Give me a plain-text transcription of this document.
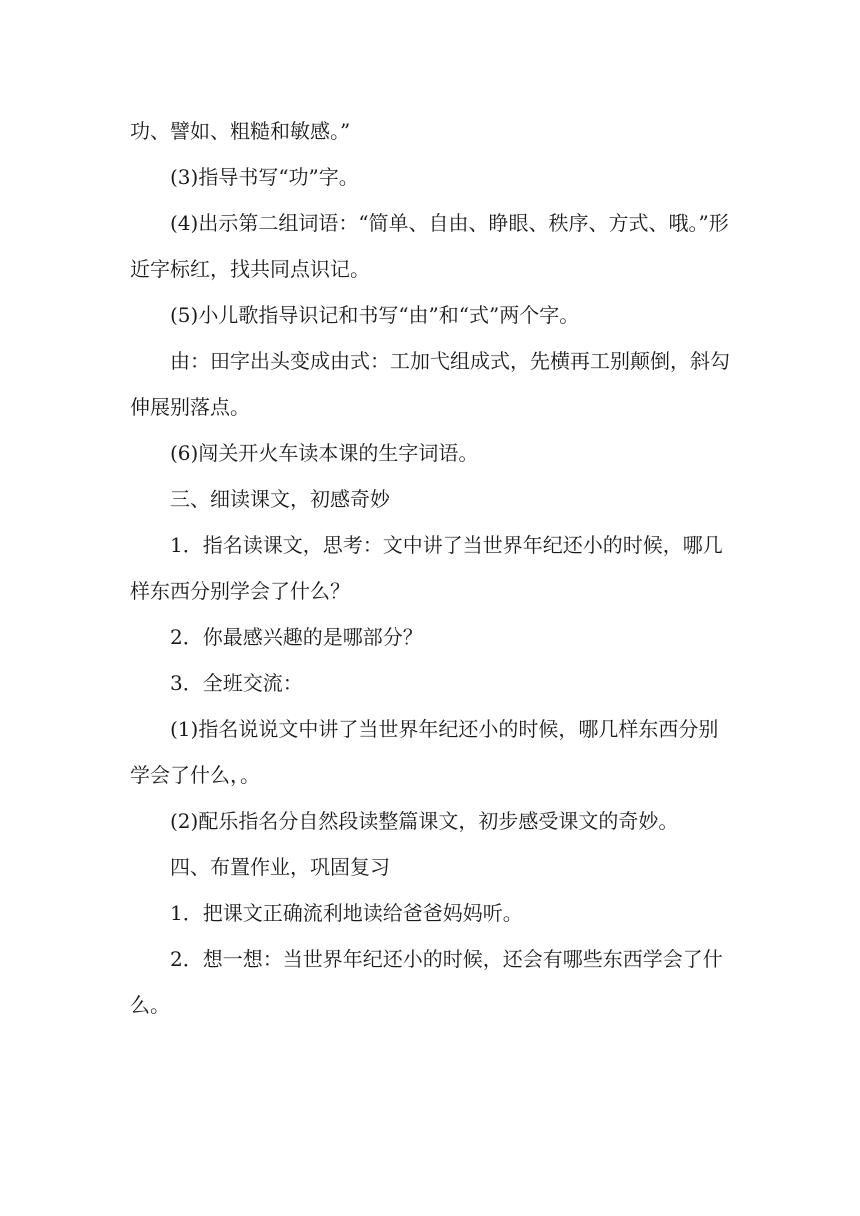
功、譬如、粗糙和敏感。”

(3)指导书写“功”字。

(4)出示第二组词语：“简单、自由、睁眼、秩序、方式、哦。”形近字标红，找共同点识记。

(5)小儿歌指导识记和书写“由”和“式”两个字。

由：田字出头变成由式：工加弋组成式，先横再工别颠倒，斜勾伸展别落点。

(6)闯关开火车读本课的生字词语。

三、细读课文，初感奇妙

1．指名读课文，思考：文中讲了当世界年纪还小的时候，哪几样东西分别学会了什么？

2．你最感兴趣的是哪部分？

3．全班交流：

(1)指名说说文中讲了当世界年纪还小的时候，哪几样东西分别学会了什么，。

(2)配乐指名分自然段读整篇课文，初步感受课文的奇妙。

四、布置作业，巩固复习

1．把课文正确流利地读给爸爸妈妈听。

2．想一想：当世界年纪还小的时候，还会有哪些东西学会了什么。
